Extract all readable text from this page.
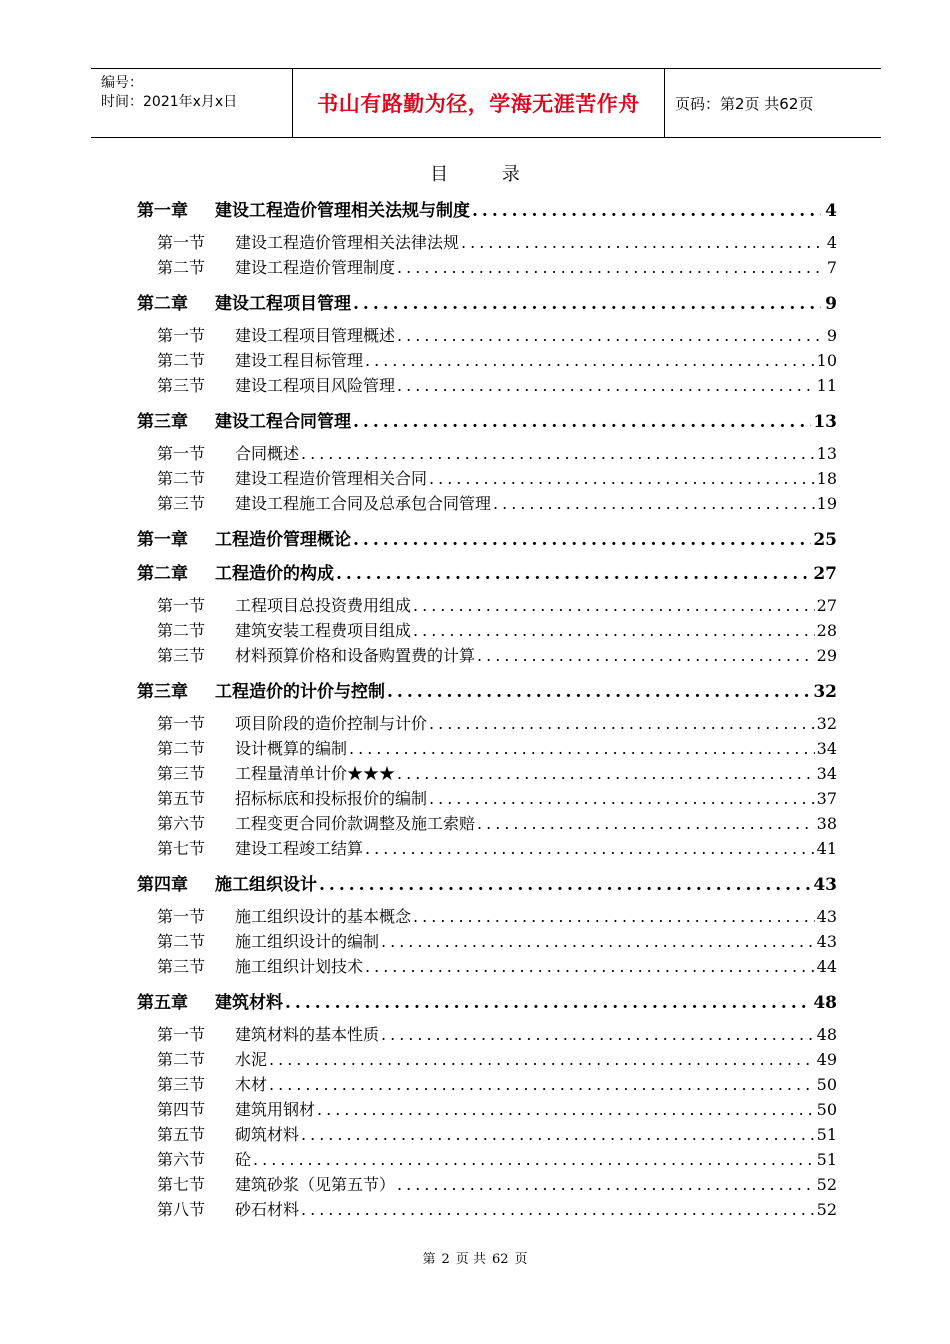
编号：
时间：2021年x月x日	书山有路勤为径，学海无涯苦作舟	页码：第2页 共62页
目 录
第一章	建设工程造价管理相关法规与制度 .....	4
第一节	建设工程造价管理相关法律法规 .....	4
第二节	建设工程造价管理制度 .....	7
第二章	建设工程项目管理 .....	9
第一节	建设工程项目管理概述 .....	9
第二节	建设工程目标管理 .....	10
第三节	建设工程项目风险管理 .....	11
第三章	建设工程合同管理 .....	13
第一节	合同概述 .....	13
第二节	建设工程造价管理相关合同 .....	18
第三节	建设工程施工合同及总承包合同管理 .....	19
第一章	工程造价管理概论 .....	25
第二章	工程造价的构成 .....	27
第一节	工程项目总投资费用组成 .....	27
第二节	建筑安装工程费项目组成 .....	28
第三节	材料预算价格和设备购置费的计算 .....	29
第三章	工程造价的计价与控制 .....	32
第一节	项目阶段的造价控制与计价 .....	32
第二节	设计概算的编制 .....	34
第三节	工程量清单计价★★★ .....	34
第五节	招标标底和投标报价的编制 .....	37
第六节	工程变更合同价款调整及施工索赔 .....	38
第七节	建设工程竣工结算 .....	41
第四章	施工组织设计 .....	43
第一节	施工组织设计的基本概念 .....	43
第二节	施工组织设计的编制 .....	43
第三节	施工组织计划技术 .....	44
第五章	建筑材料 .....	48
第一节	建筑材料的基本性质 .....	48
第二节	水泥 .....	49
第三节	木材 .....	50
第四节	建筑用钢材 .....	50
第五节	砌筑材料 .....	51
第六节	砼 .....	51
第七节	建筑砂浆（见第五节） .....	52
第八节	砂石材料 .....	52
第 2 页 共 62 页
